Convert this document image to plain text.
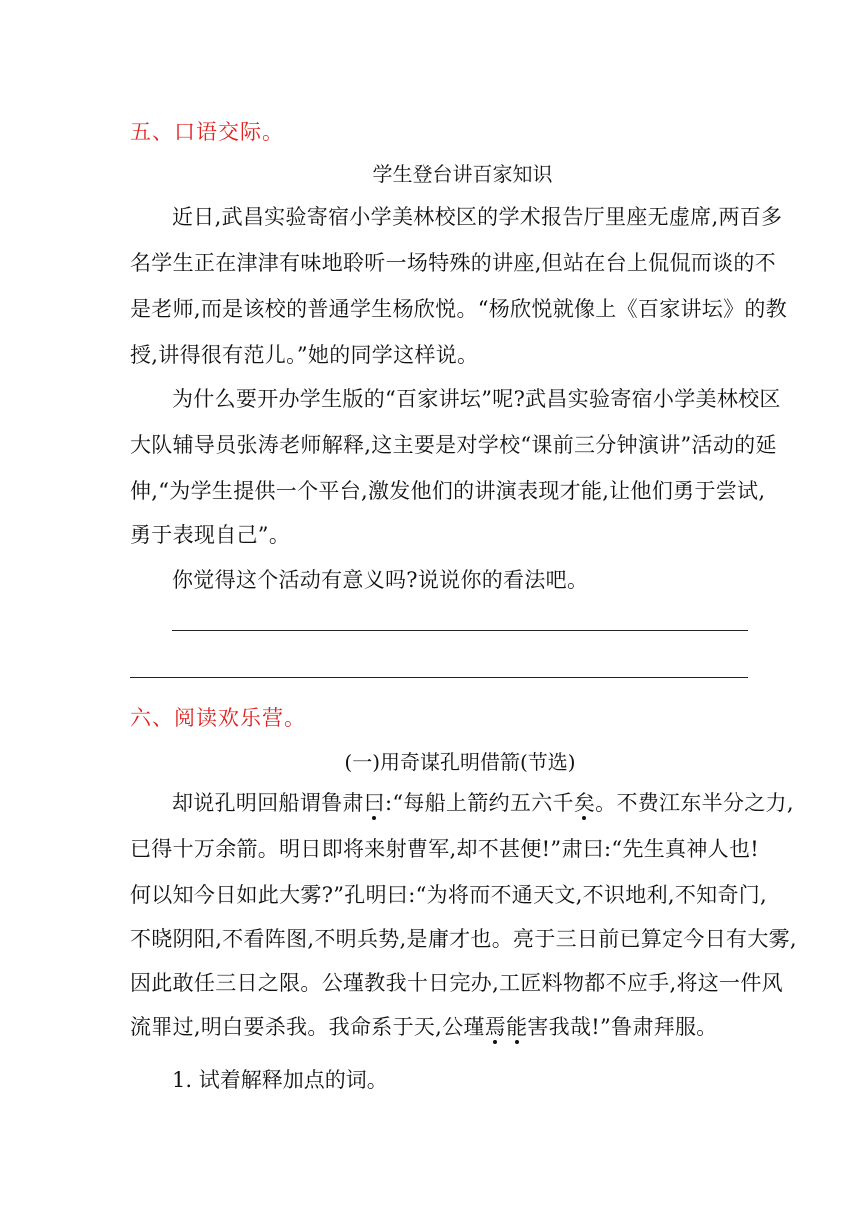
五、口语交际。
学生登台讲百家知识
近日,武昌实验寄宿小学美林校区的学术报告厅里座无虚席,两百多
名学生正在津津有味地聆听一场特殊的讲座,但站在台上侃侃而谈的不
是老师,而是该校的普通学生杨欣悦。“杨欣悦就像上《百家讲坛》的教
授,讲得很有范儿。”她的同学这样说。
为什么要开办学生版的“百家讲坛”呢?武昌实验寄宿小学美林校区
大队辅导员张涛老师解释,这主要是对学校“课前三分钟演讲”活动的延
伸,“为学生提供一个平台,激发他们的讲演表现才能,让他们勇于尝试,
勇于表现自己”。
你觉得这个活动有意义吗?说说你的看法吧。
六、阅读欢乐营。
(一)用奇谋孔明借箭(节选)
却说孔明回船谓鲁肃曰:“每船上箭约五六千矣。不费江东半分之力,
已得十万余箭。明日即将来射曹军,却不甚便!”肃曰:“先生真神人也!
何以知今日如此大雾?”孔明曰:“为将而不通天文,不识地利,不知奇门,
不晓阴阳,不看阵图,不明兵势,是庸才也。亮于三日前已算定今日有大雾,
因此敢任三日之限。公瑾教我十日完办,工匠料物都不应手,将这一件风
流罪过,明白要杀我。我命系于天,公瑾焉能害我哉!”鲁肃拜服。
1. 试着解释加点的词。
